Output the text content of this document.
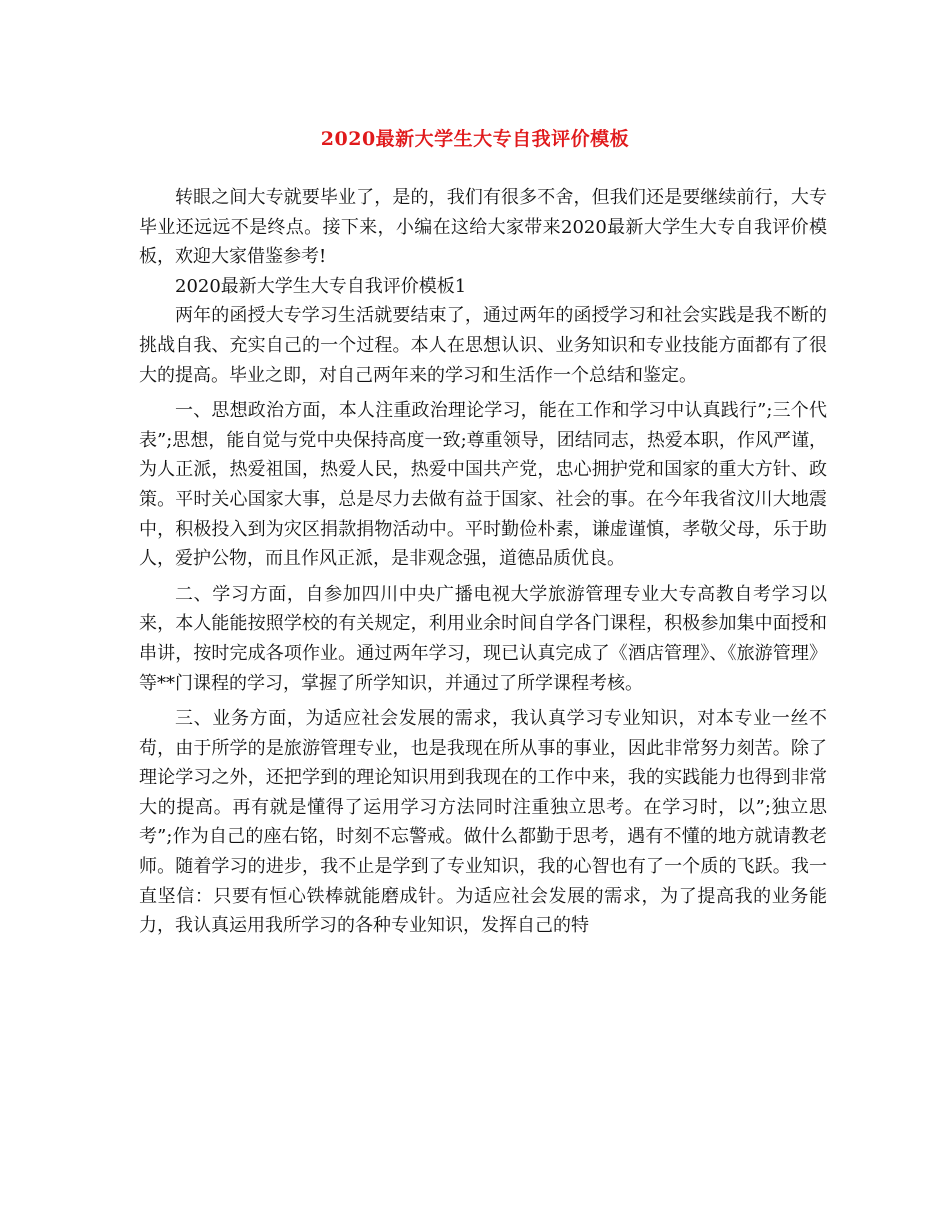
2020最新大学生大专自我评价模板

转眼之间大专就要毕业了，是的，我们有很多不舍，但我们还是要继续前行，大专毕业还远远不是终点。接下来，小编在这给大家带来2020最新大学生大专自我评价模板，欢迎大家借鉴参考!

2020最新大学生大专自我评价模板1

两年的函授大专学习生活就要结束了，通过两年的函授学习和社会实践是我不断的挑战自我、充实自己的一个过程。本人在思想认识、业务知识和专业技能方面都有了很大的提高。毕业之即，对自己两年来的学习和生活作一个总结和鉴定。

一、思想政治方面，本人注重政治理论学习，能在工作和学习中认真践行”;三个代表”;思想，能自觉与党中央保持高度一致;尊重领导，团结同志，热爱本职，作风严谨，为人正派，热爱祖国，热爱人民，热爱中国共产党，忠心拥护党和国家的重大方针、政策。平时关心国家大事，总是尽力去做有益于国家、社会的事。在今年我省汶川大地震中，积极投入到为灾区捐款捐物活动中。平时勤俭朴素，谦虚谨慎，孝敬父母，乐于助人，爱护公物，而且作风正派，是非观念强，道德品质优良。

二、学习方面，自参加四川中央广播电视大学旅游管理专业大专高教自考学习以来，本人能能按照学校的有关规定，利用业余时间自学各门课程，积极参加集中面授和串讲，按时完成各项作业。通过两年学习，现已认真完成了《酒店管理》、《旅游管理》等**门课程的学习，掌握了所学知识，并通过了所学课程考核。

三、业务方面，为适应社会发展的需求，我认真学习专业知识，对本专业一丝不苟，由于所学的是旅游管理专业，也是我现在所从事的事业，因此非常努力刻苦。除了理论学习之外，还把学到的理论知识用到我现在的工作中来，我的实践能力也得到非常大的提高。再有就是懂得了运用学习方法同时注重独立思考。在学习时，以”;独立思考”;作为自己的座右铭，时刻不忘警戒。做什么都勤于思考，遇有不懂的地方就请教老师。随着学习的进步，我不止是学到了专业知识，我的心智也有了一个质的飞跃。我一直坚信：只要有恒心铁棒就能磨成针。为适应社会发展的需求，为了提高我的业务能力，我认真运用我所学习的各种专业知识，发挥自己的特
